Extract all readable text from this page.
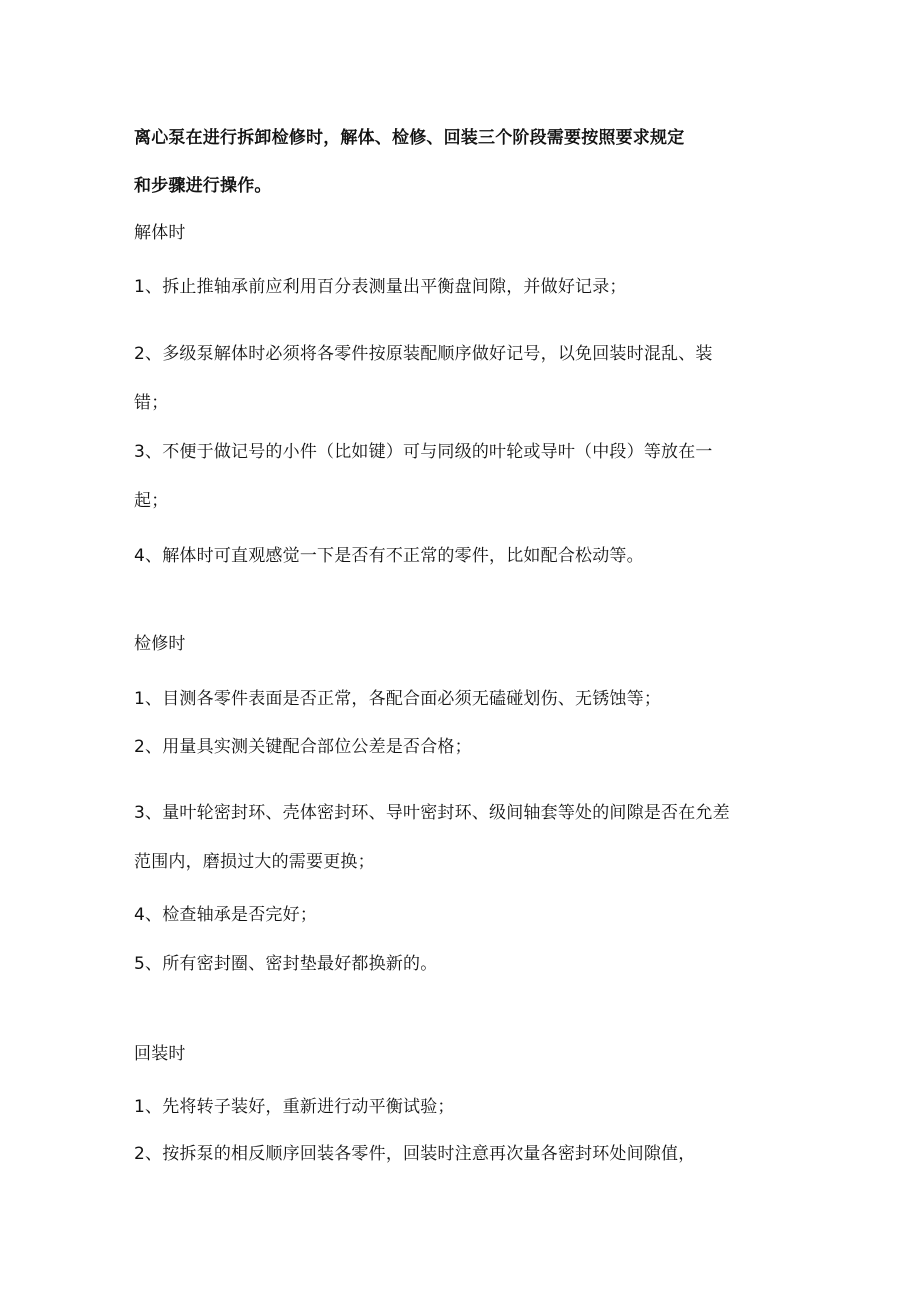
离心泵在进行拆卸检修时，解体、检修、回装三个阶段需要按照要求规定
和步骤进行操作。
解体时
1、拆止推轴承前应利用百分表测量出平衡盘间隙，并做好记录；
2、多级泵解体时必须将各零件按原装配顺序做好记号，以免回装时混乱、装
错；
3、不便于做记号的小件（比如键）可与同级的叶轮或导叶（中段）等放在一
起；
4、解体时可直观感觉一下是否有不正常的零件，比如配合松动等。
检修时
1、目测各零件表面是否正常，各配合面必须无磕碰划伤、无锈蚀等；
2、用量具实测关键配合部位公差是否合格；
3、量叶轮密封环、壳体密封环、导叶密封环、级间轴套等处的间隙是否在允差
范围内，磨损过大的需要更换；
4、检查轴承是否完好；
5、所有密封圈、密封垫最好都换新的。
回装时
1、先将转子装好，重新进行动平衡试验；
2、按拆泵的相反顺序回装各零件，回装时注意再次量各密封环处间隙值，
